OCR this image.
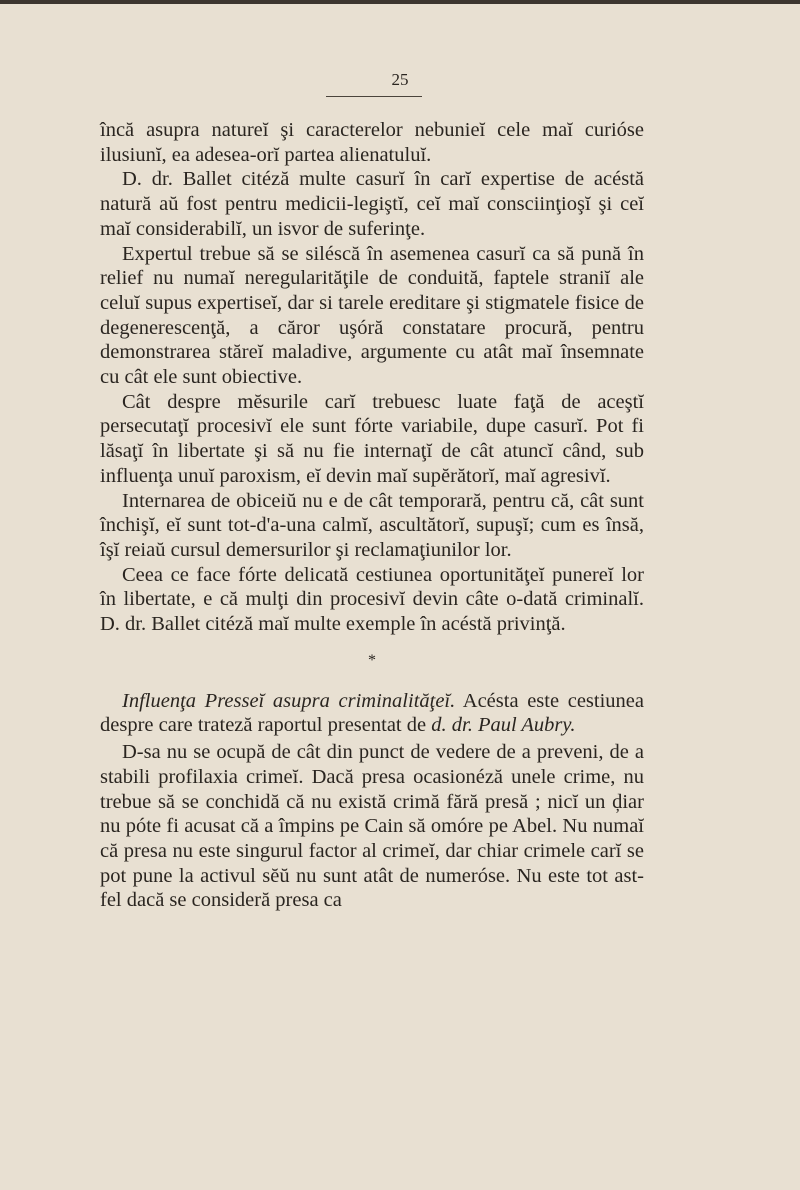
25

încă asupra natureĭ şi caracterelor nebunieĭ cele maĭ curióse ilusiunĭ, ea adesea-orĭ partea alienatuluĭ.

D. dr. Ballet citéză multe casurĭ în carĭ expertise de acéstă natură aŭ fost pentru medicii-legiştĭ, ceĭ maĭ consciinţioşĭ şi ceĭ maĭ considerabilĭ, un isvor de suferinţe.

Expertul trebue să se siléscă în asemenea casurĭ ca să pună în relief nu numaĭ neregularităţile de conduită, faptele straniĭ ale celuĭ supus expertiseĭ, dar si tarele ereditare şi stigmatele fisice de degenerescenţă, a căror uşóră constatare procură, pentru demonstrarea stăreĭ maladive, argumente cu atât maĭ însemnate cu cât ele sunt obiective.

Cât despre mĕsurile carĭ trebuesc luate faţă de aceştĭ persecutaţĭ procesivĭ ele sunt fórte variabile, dupe casurĭ. Pot fi lăsaţĭ în libertate şi să nu fie internaţĭ de cât atuncĭ când, sub influenţa unuĭ paroxism, eĭ devin maĭ supĕrătorĭ, maĭ agresivĭ.

Internarea de obiceiŭ nu e de cât temporară, pentru că, cât sunt închişĭ, eĭ sunt tot-d'a-una calmĭ, ascultătorĭ, supuşĭ; cum es însă, îşĭ reiaŭ cursul demersurilor şi reclamaţiunilor lor.

Ceea ce face fórte delicată cestiunea oportunităţeĭ punereĭ lor în libertate, e că mulţi din procesivĭ devin câte o-dată criminalĭ. D. dr. Ballet citéză maĭ multe exemple în acéstă privinţă.

*

Influenţa Presseĭ asupra criminalităţeĭ. Acésta este cestiunea despre care trateză raportul presentat de d. dr. Paul Aubry.

D-sa nu se ocupă de cât din punct de vedere de a preveni, de a stabili profilaxia crimeĭ. Dacă presa ocasionéză unele crime, nu trebue să se conchidă că nu există crimă fără presă ; nicĭ un ḑiar nu póte fi acusat că a împins pe Cain să omóre pe Abel. Nu numaĭ că presa nu este singurul factor al crimeĭ, dar chiar crimele carĭ se pot pune la activul sĕŭ nu sunt atât de numeróse. Nu este tot ast-fel dacă se consideră presa ca
